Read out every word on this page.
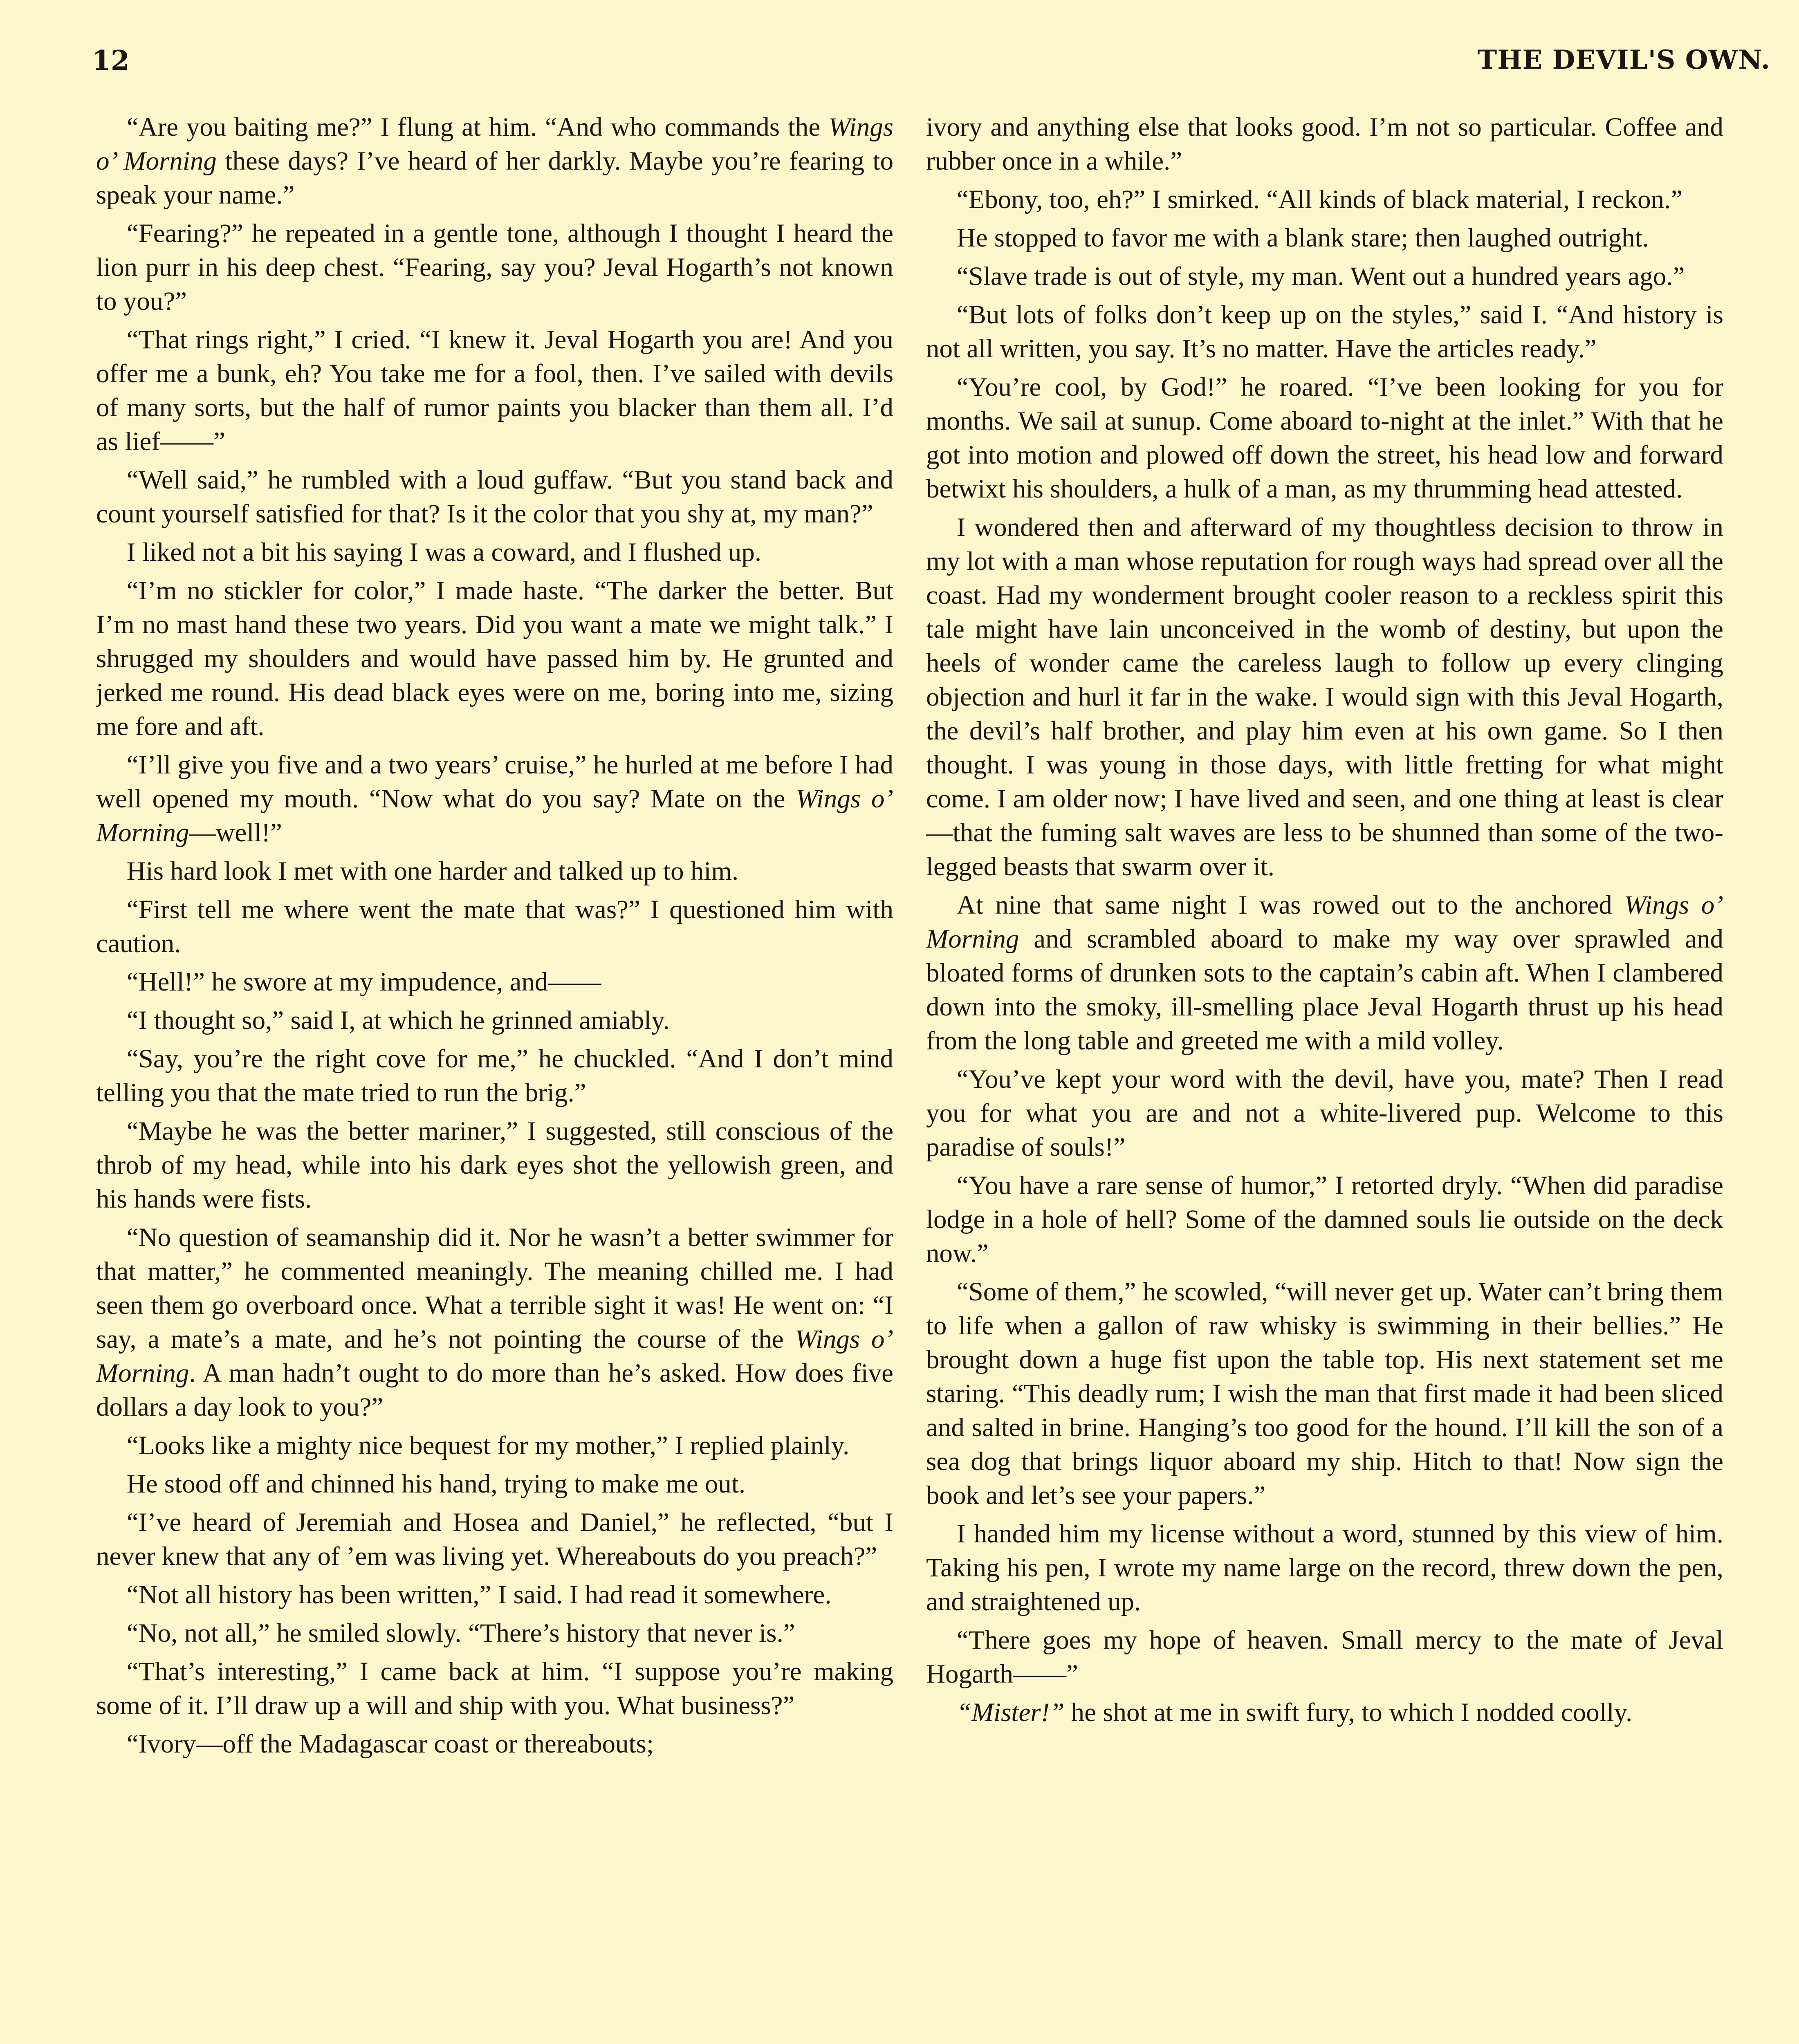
12	THE DEVIL'S OWN.

“Are you baiting me?” I flung at him. “And who commands the Wings o’ Morning these days? I’ve heard of her darkly. Maybe you’re fearing to speak your name.”

“Fearing?” he repeated in a gentle tone, although I thought I heard the lion purr in his deep chest. “Fearing, say you? Jeval Hogarth’s not known to you?”

“That rings right,” I cried. “I knew it. Jeval Hogarth you are! And you offer me a bunk, eh? You take me for a fool, then. I’ve sailed with devils of many sorts, but the half of rumor paints you blacker than them all. I’d as lief——”

“Well said,” he rumbled with a loud guffaw. “But you stand back and count yourself satisfied for that? Is it the color that you shy at, my man?”

I liked not a bit his saying I was a coward, and I flushed up.

“I’m no stickler for color,” I made haste. “The darker the better. But I’m no mast hand these two years. Did you want a mate we might talk.” I shrugged my shoulders and would have passed him by. He grunted and jerked me round. His dead black eyes were on me, boring into me, sizing me fore and aft.

“I’ll give you five and a two years’ cruise,” he hurled at me before I had well opened my mouth. “Now what do you say? Mate on the Wings o’ Morning—well!”

His hard look I met with one harder and talked up to him.

“First tell me where went the mate that was?” I questioned him with caution.

“Hell!” he swore at my impudence, and——

“I thought so,” said I, at which he grinned amiably.

“Say, you’re the right cove for me,” he chuckled. “And I don’t mind telling you that the mate tried to run the brig.”

“Maybe he was the better mariner,” I suggested, still conscious of the throb of my head, while into his dark eyes shot the yellowish green, and his hands were fists.

“No question of seamanship did it. Nor he wasn’t a better swimmer for that matter,” he commented meaningly. The meaning chilled me. I had seen them go overboard once. What a terrible sight it was! He went on: “I say, a mate’s a mate, and he’s not pointing the course of the Wings o’ Morning. A man hadn’t ought to do more than he’s asked. How does five dollars a day look to you?”

“Looks like a mighty nice bequest for my mother,” I replied plainly.

He stood off and chinned his hand, trying to make me out.

“I’ve heard of Jeremiah and Hosea and Daniel,” he reflected, “but I never knew that any of ’em was living yet. Whereabouts do you preach?”

“Not all history has been written,” I said. I had read it somewhere.

“No, not all,” he smiled slowly. “There’s history that never is.”

“That’s interesting,” I came back at him. “I suppose you’re making some of it. I’ll draw up a will and ship with you. What business?”

“Ivory—off the Madagascar coast or thereabouts;

ivory and anything else that looks good. I’m not so particular. Coffee and rubber once in a while.”

“Ebony, too, eh?” I smirked. “All kinds of black material, I reckon.”

He stopped to favor me with a blank stare; then laughed outright.

“Slave trade is out of style, my man. Went out a hundred years ago.”

“But lots of folks don’t keep up on the styles,” said I. “And history is not all written, you say. It’s no matter. Have the articles ready.”

“You’re cool, by God!” he roared. “I’ve been looking for you for months. We sail at sunup. Come aboard to-night at the inlet.” With that he got into motion and plowed off down the street, his head low and forward betwixt his shoulders, a hulk of a man, as my thrumming head attested.

I wondered then and afterward of my thoughtless decision to throw in my lot with a man whose reputation for rough ways had spread over all the coast. Had my wonderment brought cooler reason to a reckless spirit this tale might have lain unconceived in the womb of destiny, but upon the heels of wonder came the careless laugh to follow up every clinging objection and hurl it far in the wake. I would sign with this Jeval Hogarth, the devil’s half brother, and play him even at his own game. So I then thought. I was young in those days, with little fretting for what might come. I am older now; I have lived and seen, and one thing at least is clear—that the fuming salt waves are less to be shunned than some of the two-legged beasts that swarm over it.

At nine that same night I was rowed out to the anchored Wings o’ Morning and scrambled aboard to make my way over sprawled and bloated forms of drunken sots to the captain’s cabin aft. When I clambered down into the smoky, ill-smelling place Jeval Hogarth thrust up his head from the long table and greeted me with a mild volley.

“You’ve kept your word with the devil, have you, mate? Then I read you for what you are and not a white-livered pup. Welcome to this paradise of souls!”

“You have a rare sense of humor,” I retorted dryly. “When did paradise lodge in a hole of hell? Some of the damned souls lie outside on the deck now.”

“Some of them,” he scowled, “will never get up. Water can’t bring them to life when a gallon of raw whisky is swimming in their bellies.” He brought down a huge fist upon the table top. His next statement set me staring. “This deadly rum; I wish the man that first made it had been sliced and salted in brine. Hanging’s too good for the hound. I’ll kill the son of a sea dog that brings liquor aboard my ship. Hitch to that! Now sign the book and let’s see your papers.”

I handed him my license without a word, stunned by this view of him. Taking his pen, I wrote my name large on the record, threw down the pen, and straightened up.

“There goes my hope of heaven. Small mercy to the mate of Jeval Hogarth——”

“Mister!” he shot at me in swift fury, to which I nodded coolly.
